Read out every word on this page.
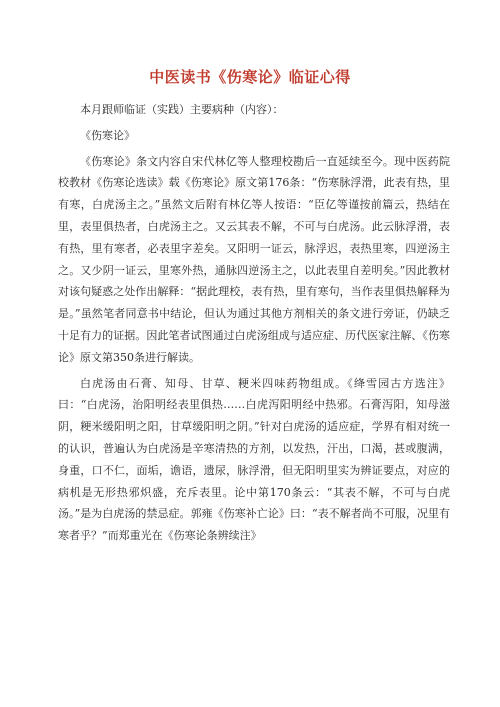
中医读书《伤寒论》临证心得

本月跟师临证（实践）主要病种（内容）：

《伤寒论》

《伤寒论》条文内容自宋代林亿等人整理校勘后一直延续至今。现中医药院校教材《伤寒论选读》载《伤寒论》原文第176条：“伤寒脉浮滑，此表有热，里有寒，白虎汤主之。”虽然文后附有林亿等人按语：“臣亿等谨按前篇云，热结在里，表里俱热者，白虎汤主之。又云其表不解，不可与白虎汤。此云脉浮滑，表有热，里有寒者，必表里字差矣。又阳明一证云，脉浮迟，表热里寒，四逆汤主之。又少阴一证云，里寒外热，通脉四逆汤主之，以此表里自差明矣。”因此教材对该句疑惑之处作出解释：“据此理校，表有热，里有寒句，当作表里俱热解释为是。”虽然笔者同意书中结论，但认为通过其他方剂相关的条文进行旁证，仍缺乏十足有力的证据。因此笔者试图通过白虎汤组成与适应症、历代医家注解、《伤寒论》原文第350条进行解读。

白虎汤由石膏、知母、甘草、粳米四味药物组成。《绛雪园古方选注》曰：“白虎汤，治阳明经表里俱热……白虎泻阳明经中热邪。石膏泻阳，知母滋阴，粳米缓阳明之阳，甘草缓阳明之阴。”针对白虎汤的适应症，学界有相对统一的认识，普遍认为白虎汤是辛寒清热的方剂，以发热，汗出，口渴，甚或腹满，身重，口不仁，面垢，谵语，遗尿，脉浮滑，但无阳明里实为辨证要点，对应的病机是无形热邪炽盛，充斥表里。论中第170条云：“其表不解，不可与白虎汤。”是为白虎汤的禁忌症。郭雍《伤寒补亡论》曰：“表不解者尚不可服，况里有寒者乎？”而郑重光在《伤寒论条辨续注》
